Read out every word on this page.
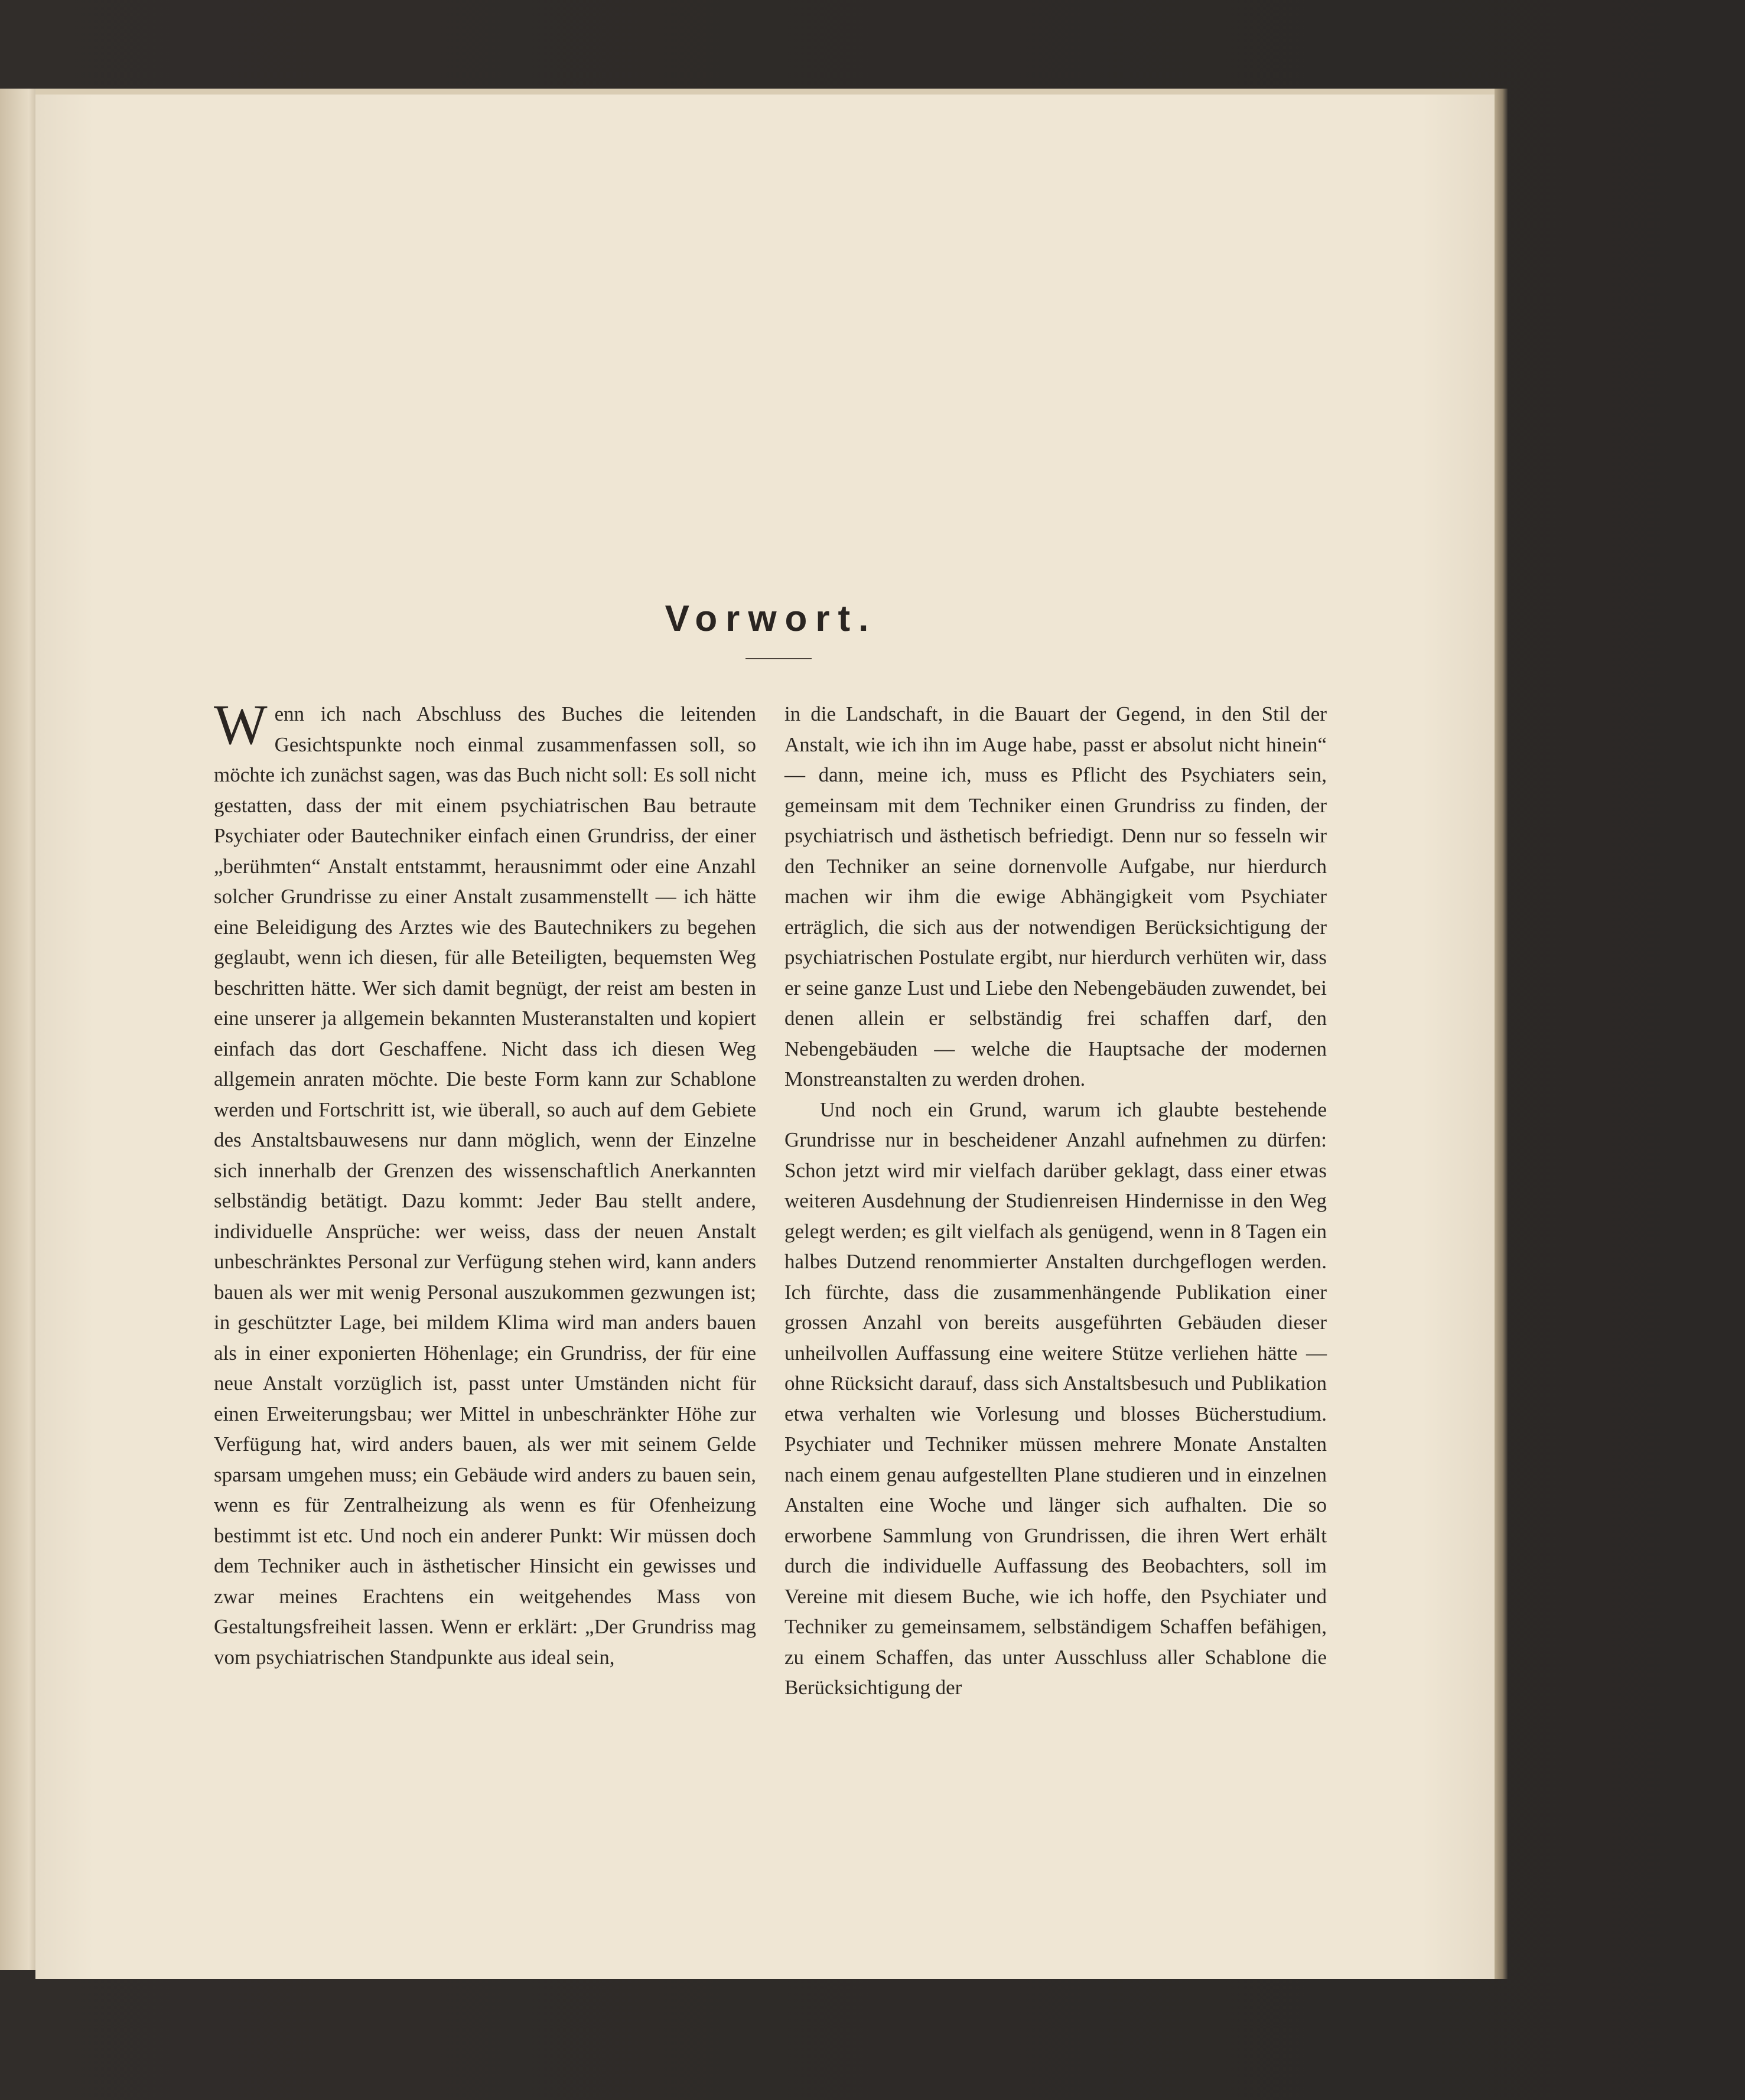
Vorwort.

Wenn ich nach Abschluss des Buches die leitenden Gesichtspunkte noch einmal zusammenfassen soll, so möchte ich zunächst sagen, was das Buch nicht soll: Es soll nicht gestatten, dass der mit einem psychiatrischen Bau betraute Psychiater oder Bautechniker einfach einen Grundriss, der einer „berühmten“ Anstalt entstammt, herausnimmt oder eine Anzahl solcher Grundrisse zu einer Anstalt zusammenstellt — ich hätte eine Beleidigung des Arztes wie des Bautechnikers zu begehen geglaubt, wenn ich diesen, für alle Beteiligten, bequemsten Weg beschritten hätte. Wer sich damit begnügt, der reist am besten in eine unserer ja allgemein bekannten Musteranstalten und kopiert einfach das dort Geschaffene. Nicht dass ich diesen Weg allgemein anraten möchte. Die beste Form kann zur Schablone werden und Fortschritt ist, wie überall, so auch auf dem Gebiete des Anstaltsbauwesens nur dann möglich, wenn der Einzelne sich innerhalb der Grenzen des wissenschaftlich Anerkannten selbständig betätigt. Dazu kommt: Jeder Bau stellt andere, individuelle Ansprüche: wer weiss, dass der neuen Anstalt unbeschränktes Personal zur Verfügung stehen wird, kann anders bauen als wer mit wenig Personal auszukommen gezwungen ist; in geschützter Lage, bei mildem Klima wird man anders bauen als in einer exponierten Höhenlage; ein Grundriss, der für eine neue Anstalt vorzüglich ist, passt unter Umständen nicht für einen Erweiterungsbau; wer Mittel in unbeschränkter Höhe zur Verfügung hat, wird anders bauen, als wer mit seinem Gelde sparsam umgehen muss; ein Gebäude wird anders zu bauen sein, wenn es für Zentralheizung als wenn es für Ofenheizung bestimmt ist etc. Und noch ein anderer Punkt: Wir müssen doch dem Techniker auch in ästhetischer Hinsicht ein gewisses und zwar meines Erachtens ein weitgehendes Mass von Gestaltungsfreiheit lassen. Wenn er erklärt: „Der Grundriss mag vom psychiatrischen Standpunkte aus ideal sein,

in die Landschaft, in die Bauart der Gegend, in den Stil der Anstalt, wie ich ihn im Auge habe, passt er absolut nicht hinein“ — dann, meine ich, muss es Pflicht des Psychiaters sein, gemeinsam mit dem Techniker einen Grundriss zu finden, der psychiatrisch und ästhetisch befriedigt. Denn nur so fesseln wir den Techniker an seine dornenvolle Aufgabe, nur hierdurch machen wir ihm die ewige Abhängigkeit vom Psychiater erträglich, die sich aus der notwendigen Berücksichtigung der psychiatrischen Postulate ergibt, nur hierdurch verhüten wir, dass er seine ganze Lust und Liebe den Nebengebäuden zuwendet, bei denen allein er selbständig frei schaffen darf, den Nebengebäuden — welche die Hauptsache der modernen Monstreanstalten zu werden drohen.

Und noch ein Grund, warum ich glaubte bestehende Grundrisse nur in bescheidener Anzahl aufnehmen zu dürfen: Schon jetzt wird mir vielfach darüber geklagt, dass einer etwas weiteren Ausdehnung der Studienreisen Hindernisse in den Weg gelegt werden; es gilt vielfach als genügend, wenn in 8 Tagen ein halbes Dutzend renommierter Anstalten durchgeflogen werden. Ich fürchte, dass die zusammenhängende Publikation einer grossen Anzahl von bereits ausgeführten Gebäuden dieser unheilvollen Auffassung eine weitere Stütze verliehen hätte — ohne Rücksicht darauf, dass sich Anstaltsbesuch und Publikation etwa verhalten wie Vorlesung und blosses Bücherstudium. Psychiater und Techniker müssen mehrere Monate Anstalten nach einem genau aufgestellten Plane studieren und in einzelnen Anstalten eine Woche und länger sich aufhalten. Die so erworbene Sammlung von Grundrissen, die ihren Wert erhält durch die individuelle Auffassung des Beobachters, soll im Vereine mit diesem Buche, wie ich hoffe, den Psychiater und Techniker zu gemeinsamem, selbständigem Schaffen befähigen, zu einem Schaffen, das unter Ausschluss aller Schablone die Berücksichtigung der
